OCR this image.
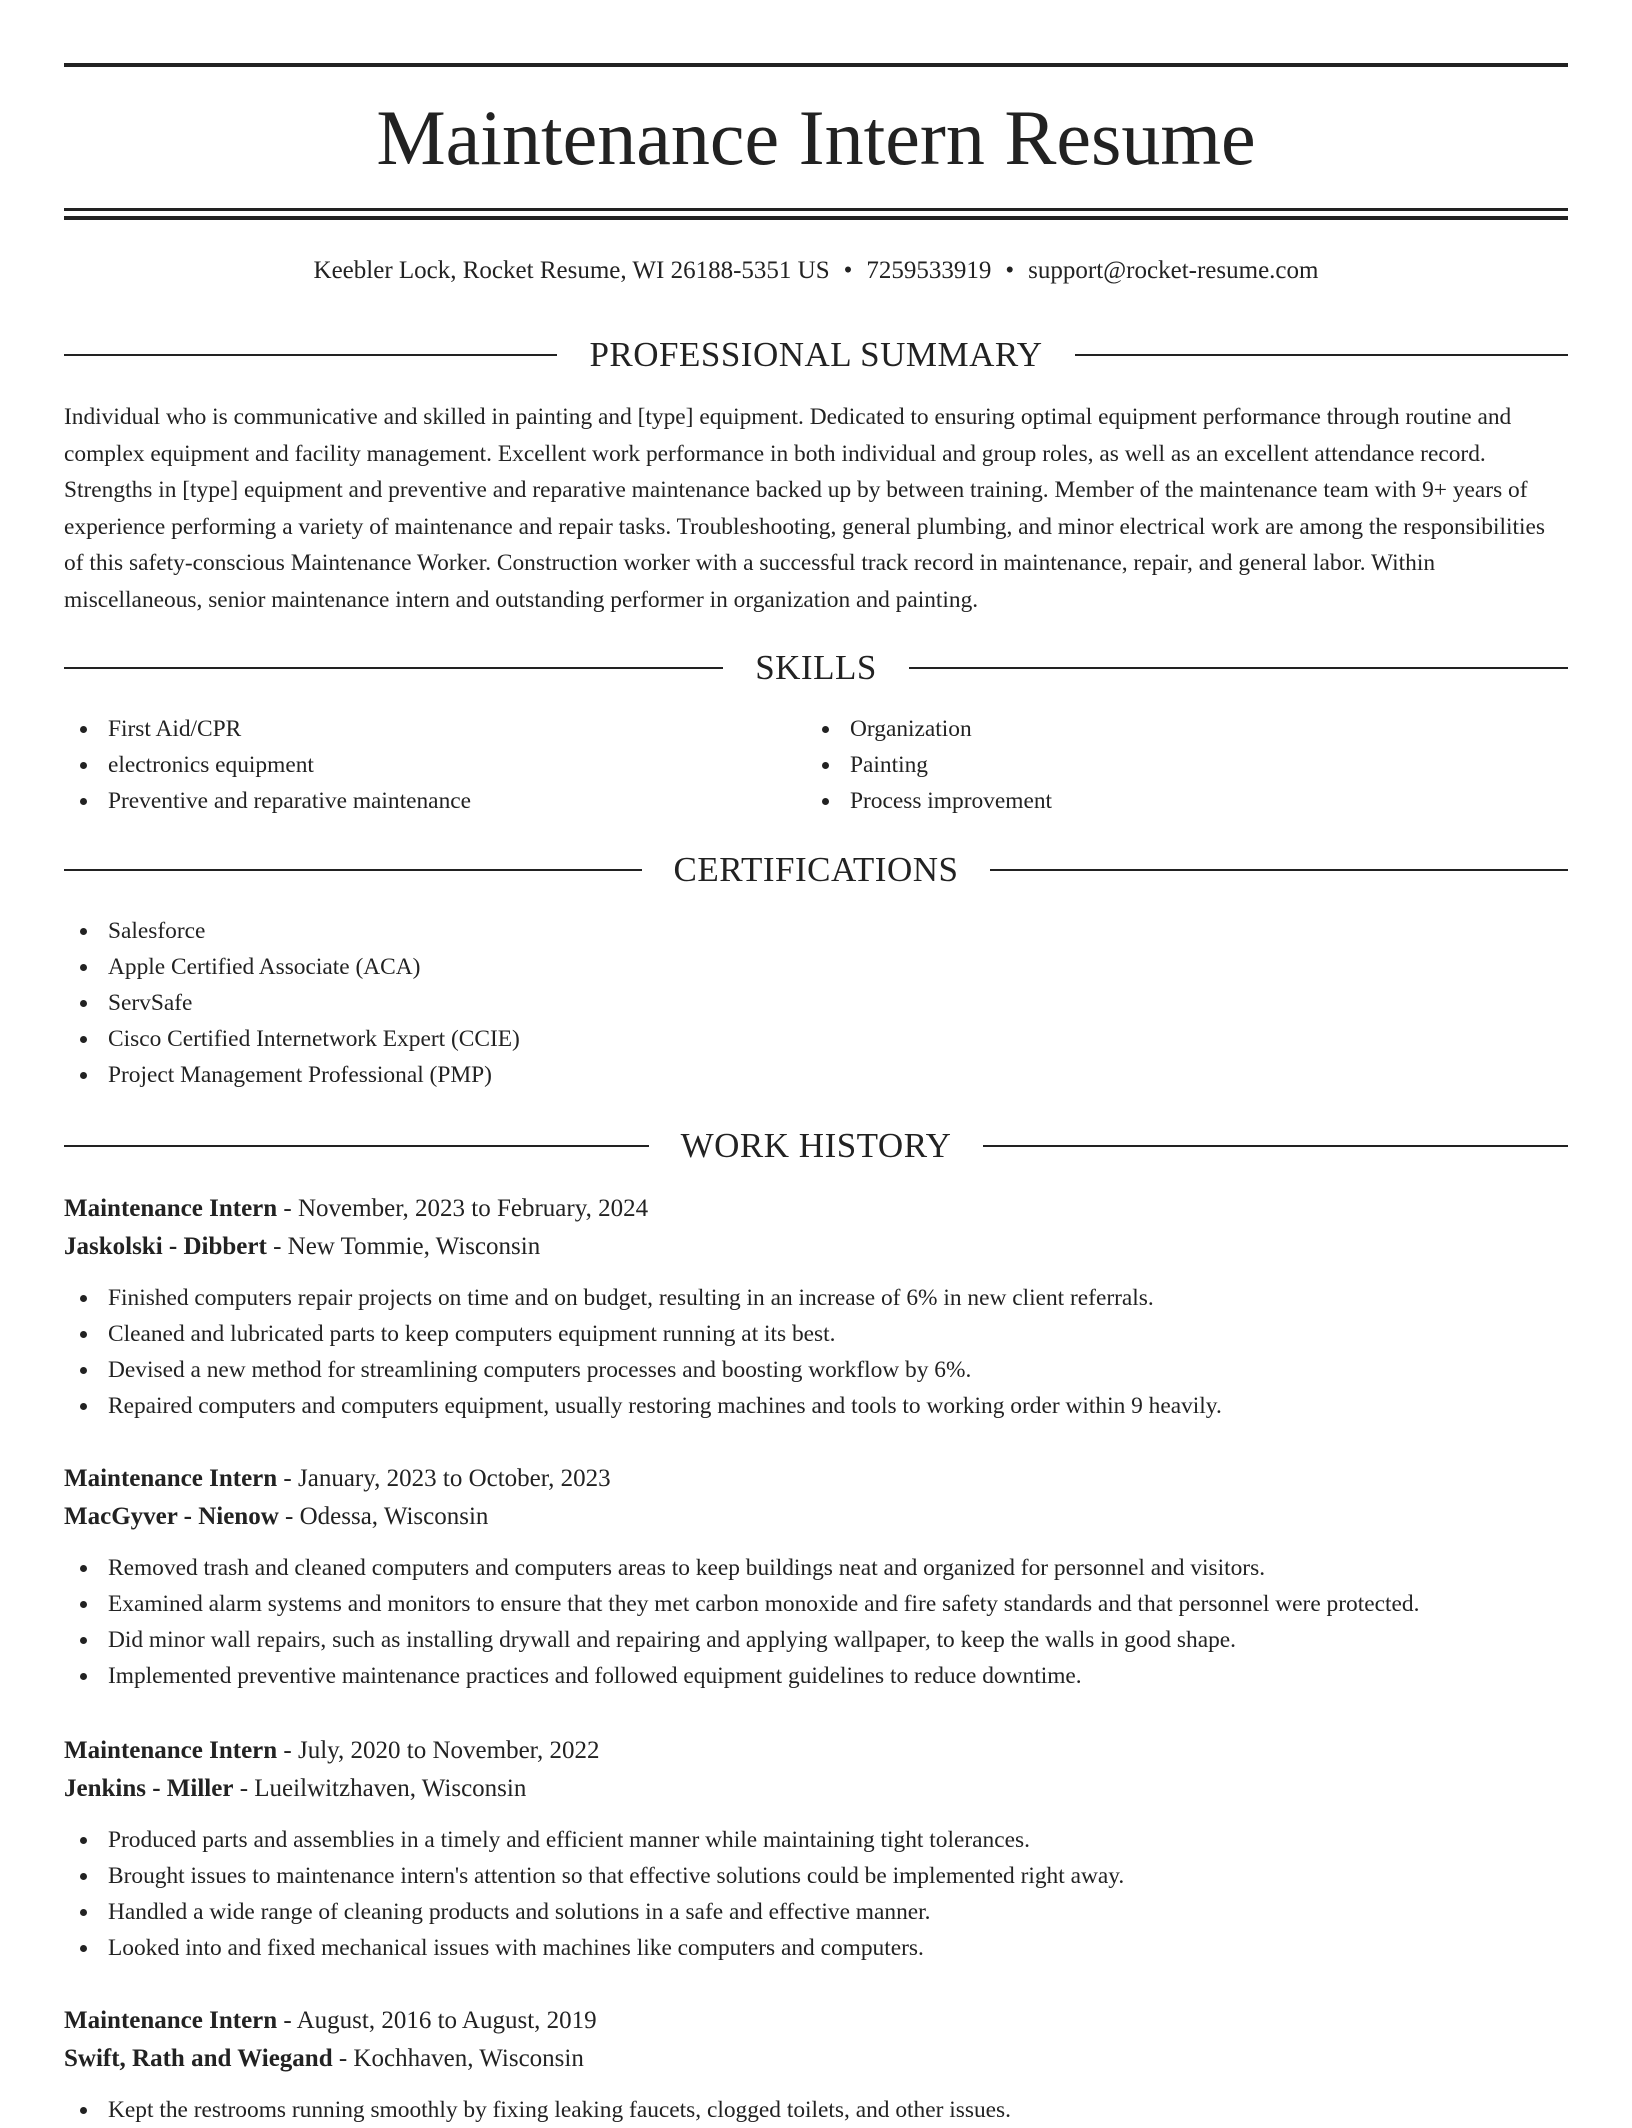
Maintenance Intern Resume
Keebler Lock, Rocket Resume, WI 26188-5351 US • 7259533919 • support@rocket-resume.com
PROFESSIONAL SUMMARY

Individual who is communicative and skilled in painting and [type] equipment. Dedicated to ensuring optimal equipment performance through routine and complex equipment and facility management. Excellent work performance in both individual and group roles, as well as an excellent attendance record. Strengths in [type] equipment and preventive and reparative maintenance backed up by between training. Member of the maintenance team with 9+ years of experience performing a variety of maintenance and repair tasks. Troubleshooting, general plumbing, and minor electrical work are among the responsibilities of this safety-conscious Maintenance Worker. Construction worker with a successful track record in maintenance, repair, and general labor. Within miscellaneous, senior maintenance intern and outstanding performer in organization and painting.

SKILLS
First Aid/CPR
electronics equipment
Preventive and reparative maintenance
Organization
Painting
Process improvement
CERTIFICATIONS
Salesforce
Apple Certified Associate (ACA)
ServSafe
Cisco Certified Internetwork Expert (CCIE)
Project Management Professional (PMP)
WORK HISTORY
Maintenance Intern - November, 2023 to February, 2024
Jaskolski - Dibbert - New Tommie, Wisconsin
Finished computers repair projects on time and on budget, resulting in an increase of 6% in new client referrals.
Cleaned and lubricated parts to keep computers equipment running at its best.
Devised a new method for streamlining computers processes and boosting workflow by 6%.
Repaired computers and computers equipment, usually restoring machines and tools to working order within 9 heavily.
Maintenance Intern - January, 2023 to October, 2023
MacGyver - Nienow - Odessa, Wisconsin
Removed trash and cleaned computers and computers areas to keep buildings neat and organized for personnel and visitors.
Examined alarm systems and monitors to ensure that they met carbon monoxide and fire safety standards and that personnel were protected.
Did minor wall repairs, such as installing drywall and repairing and applying wallpaper, to keep the walls in good shape.
Implemented preventive maintenance practices and followed equipment guidelines to reduce downtime.
Maintenance Intern - July, 2020 to November, 2022
Jenkins - Miller - Lueilwitzhaven, Wisconsin
Produced parts and assemblies in a timely and efficient manner while maintaining tight tolerances.
Brought issues to maintenance intern's attention so that effective solutions could be implemented right away.
Handled a wide range of cleaning products and solutions in a safe and effective manner.
Looked into and fixed mechanical issues with machines like computers and computers.
Maintenance Intern - August, 2016 to August, 2019
Swift, Rath and Wiegand - Kochhaven, Wisconsin
Kept the restrooms running smoothly by fixing leaking faucets, clogged toilets, and other issues.
